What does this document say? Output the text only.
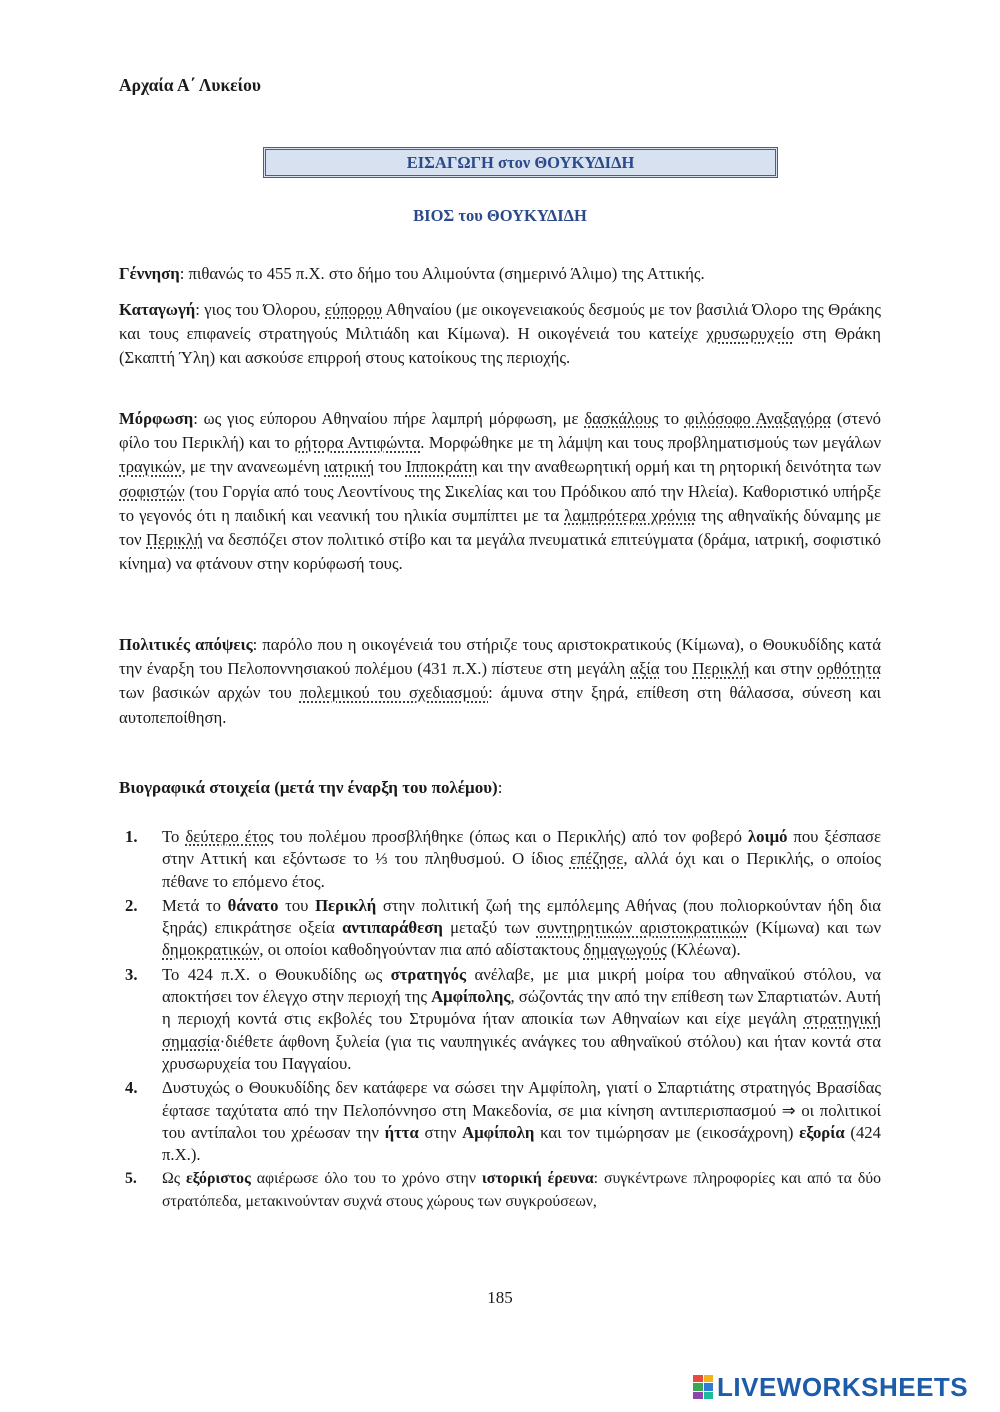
Αρχαία Α΄ Λυκείου
ΕΙΣΑΓΩΓΗ στον ΘΟΥΚΥΔΙΔΗ
ΒΙΟΣ του ΘΟΥΚΥΔΙΔΗ

Γέννηση: πιθανώς το 455 π.Χ. στο δήμο του Αλιμούντα (σημερινό Άλιμο) της Αττικής.

Καταγωγή: γιος του Όλορου, εύπορου Αθηναίου (με οικογενειακούς δεσμούς με τον βασιλιά Όλορο της Θράκης και τους επιφανείς στρατηγούς Μιλτιάδη και Κίμωνα). Η οικογένειά του κατείχε χρυσωρυχείο στη Θράκη (Σκαπτή Ύλη) και ασκούσε επιρροή στους κατοίκους της περιοχής.

Μόρφωση: ως γιος εύπορου Αθηναίου πήρε λαμπρή μόρφωση, με δασκάλους το φιλόσοφο Αναξαγόρα (στενό φίλο του Περικλή) και το ρήτορα Αντιφώντα. Μορφώθηκε με τη λάμψη και τους προβληματισμούς των μεγάλων τραγικών, με την ανανεωμένη ιατρική του Ιπποκράτη και την αναθεωρητική ορμή και τη ρητορική δεινότητα των σοφιστών (του Γοργία από τους Λεοντίνους της Σικελίας και του Πρόδικου από την Ηλεία). Καθοριστικό υπήρξε το γεγονός ότι η παιδική και νεανική του ηλικία συμπίπτει με τα λαμπρότερα χρόνια της αθηναϊκής δύναμης με τον Περικλή να δεσπόζει στον πολιτικό στίβο και τα μεγάλα πνευματικά επιτεύγματα (δράμα, ιατρική, σοφιστικό κίνημα) να φτάνουν στην κορύφωσή τους.

Πολιτικές απόψεις: παρόλο που η οικογένειά του στήριζε τους αριστοκρατικούς (Κίμωνα), ο Θουκυδίδης κατά την έναρξη του Πελοποννησιακού πολέμου (431 π.Χ.) πίστευε στη μεγάλη αξία του Περικλή και στην ορθότητα των βασικών αρχών του πολεμικού του σχεδιασμού: άμυνα στην ξηρά, επίθεση στη θάλασσα, σύνεση και αυτοπεποίθηση.

Βιογραφικά στοιχεία (μετά την έναρξη του πολέμου):
1. Το δεύτερο έτος του πολέμου προσβλήθηκε (όπως και ο Περικλής) από τον φοβερό λοιμό που ξέσπασε στην Αττική και εξόντωσε το ⅓ του πληθυσμού. Ο ίδιος επέζησε, αλλά όχι και ο Περικλής, ο οποίος πέθανε το επόμενο έτος.
2. Μετά το θάνατο του Περικλή στην πολιτική ζωή της εμπόλεμης Αθήνας (που πολιορκούνταν ήδη δια ξηράς) επικράτησε οξεία αντιπαράθεση μεταξύ των συντηρητικών αριστοκρατικών (Κίμωνα) και των δημοκρατικών, οι οποίοι καθοδηγούνταν πια από αδίστακτους δημαγωγούς (Κλέωνα).
3. Το 424 π.Χ. ο Θουκυδίδης ως στρατηγός ανέλαβε, με μια μικρή μοίρα του αθηναϊκού στόλου, να αποκτήσει τον έλεγχο στην περιοχή της Αμφίπολης, σώζοντάς την από την επίθεση των Σπαρτιατών. Αυτή η περιοχή κοντά στις εκβολές του Στρυμόνα ήταν αποικία των Αθηναίων και είχε μεγάλη στρατηγική σημασία·διέθετε άφθονη ξυλεία (για τις ναυπηγικές ανάγκες του αθηναϊκού στόλου) και ήταν κοντά στα χρυσωρυχεία του Παγγαίου.
4. Δυστυχώς ο Θουκυδίδης δεν κατάφερε να σώσει την Αμφίπολη, γιατί ο Σπαρτιάτης στρατηγός Βρασίδας έφτασε ταχύτατα από την Πελοπόννησο στη Μακεδονία, σε μια κίνηση αντιπερισπασμού ⇒ οι πολιτικοί του αντίπαλοι του χρέωσαν την ήττα στην Αμφίπολη και τον τιμώρησαν με (εικοσάχρονη) εξορία (424 π.Χ.).
5. Ως εξόριστος αφιέρωσε όλο του το χρόνο στην ιστορική έρευνα: συγκέντρωνε πληροφορίες και από τα δύο στρατόπεδα, μετακινούνταν συχνά στους χώρους των συγκρούσεων,
185
LIVEWORKSHEETS
